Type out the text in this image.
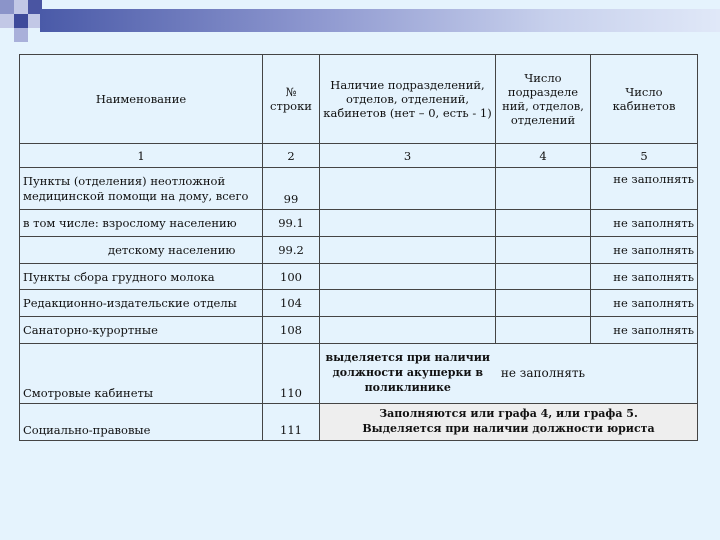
Наименование	№ строки	Наличие подразделений, отделов, отделений, кабинетов (нет – 0, есть - 1)	Число подразделе ний, отделов, отделений	Число кабинетов
1	2	3	4	5
Пункты (отделения) неотложной медицинской помощи на дому, всего	99			не заполнять
в том числе: взрослому населению	99.1			не заполнять
детскому населению	99.2			не заполнять
Пункты сбора грудного молока	100			не заполнять
Редакционно-издательские отделы	104			не заполнять
Санаторно-курортные	108			не заполнять
Смотровые кабинеты	110	выделяется при наличии должности акушерки в поликлинике	не заполнять	
Социально-правовые	111	Заполняются или графа 4, или графа 5. Выделяется при наличии должности юриста		
